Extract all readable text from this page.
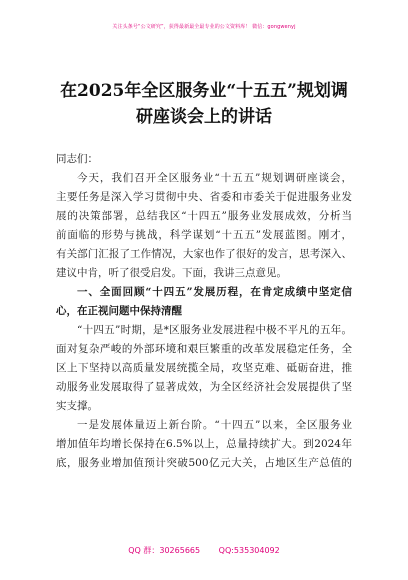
关注头条号“公文研究”，获得最新最全最专业的公文资料库！ 微信：gongwenyj
在2025年全区服务业“十五五”规划调
研座谈会上的讲话
同志们：
今天，我们召开全区服务业“十五五”规划调研座谈会，
主要任务是深入学习贯彻中央、省委和市委关于促进服务业发
展的决策部署，总结我区“十四五”服务业发展成效，分析当
前面临的形势与挑战，科学谋划“十五五”发展蓝图。刚才，
有关部门汇报了工作情况，大家也作了很好的发言，思考深入、
建议中肯，听了很受启发。下面，我讲三点意见。
一、全面回顾“十四五”发展历程，在肯定成绩中坚定信
心，在正视问题中保持清醒
“十四五”时期，是*区服务业发展进程中极不平凡的五年。
面对复杂严峻的外部环境和艰巨繁重的改革发展稳定任务，全
区上下坚持以高质量发展统揽全局，攻坚克难、砥砺奋进，推
动服务业发展取得了显著成效，为全区经济社会发展提供了坚
实支撑。
一是发展体量迈上新台阶。“十四五”以来，全区服务业
增加值年均增长保持在6.5%以上，总量持续扩大。到2024年
底，服务业增加值预计突破500亿元大关，占地区生产总值的
QQ 群：30265665 QQ:535304092
